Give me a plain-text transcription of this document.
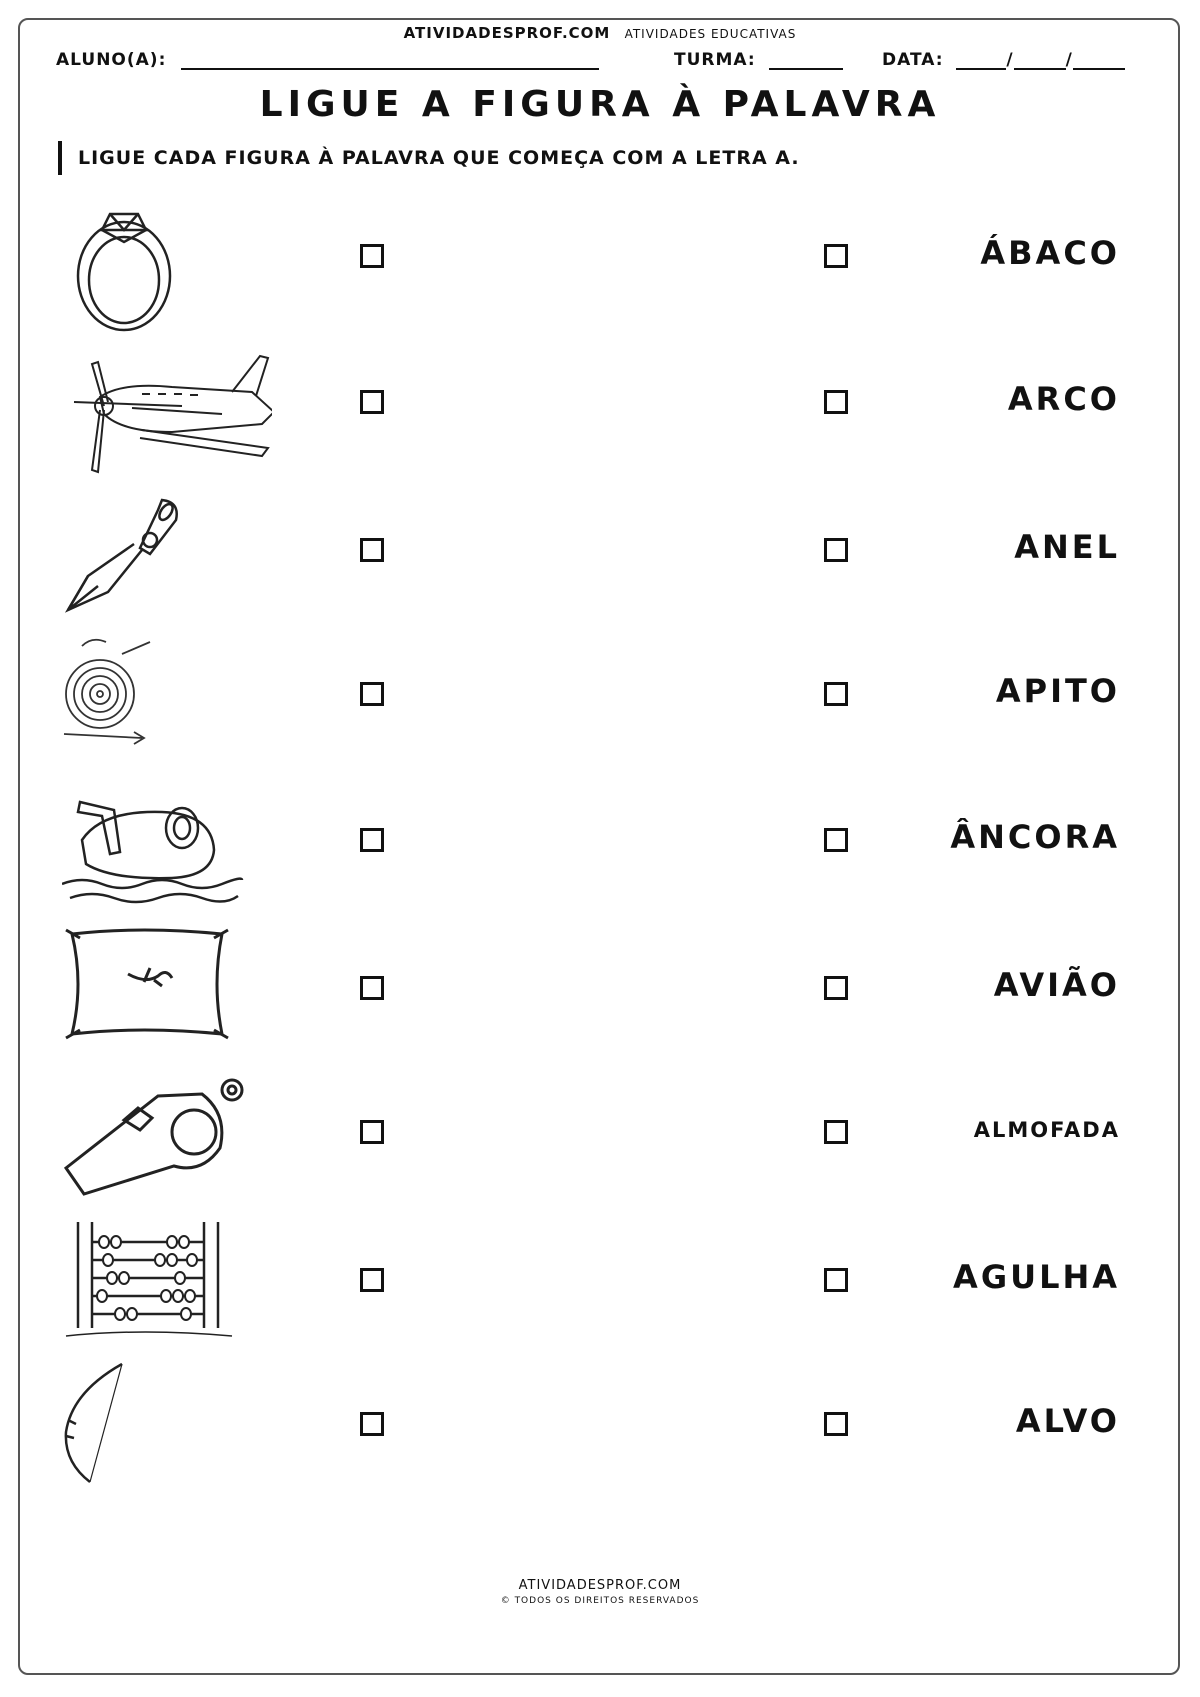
ATIVIDADESPROF.COM ATIVIDADES EDUCATIVAS
ALUNO(A):	TURMA:	DATA:	/	/
LIGUE A FIGURA À PALAVRA
LIGUE CADA FIGURA À PALAVRA QUE COMEÇA COM A LETRA A.
ÁBACO
ARCO
ANEL
APITO
ÂNCORA
AVIÃO
ALMOFADA
AGULHA
ALVO
ATIVIDADESPROF.COM
© TODOS OS DIREITOS RESERVADOS
